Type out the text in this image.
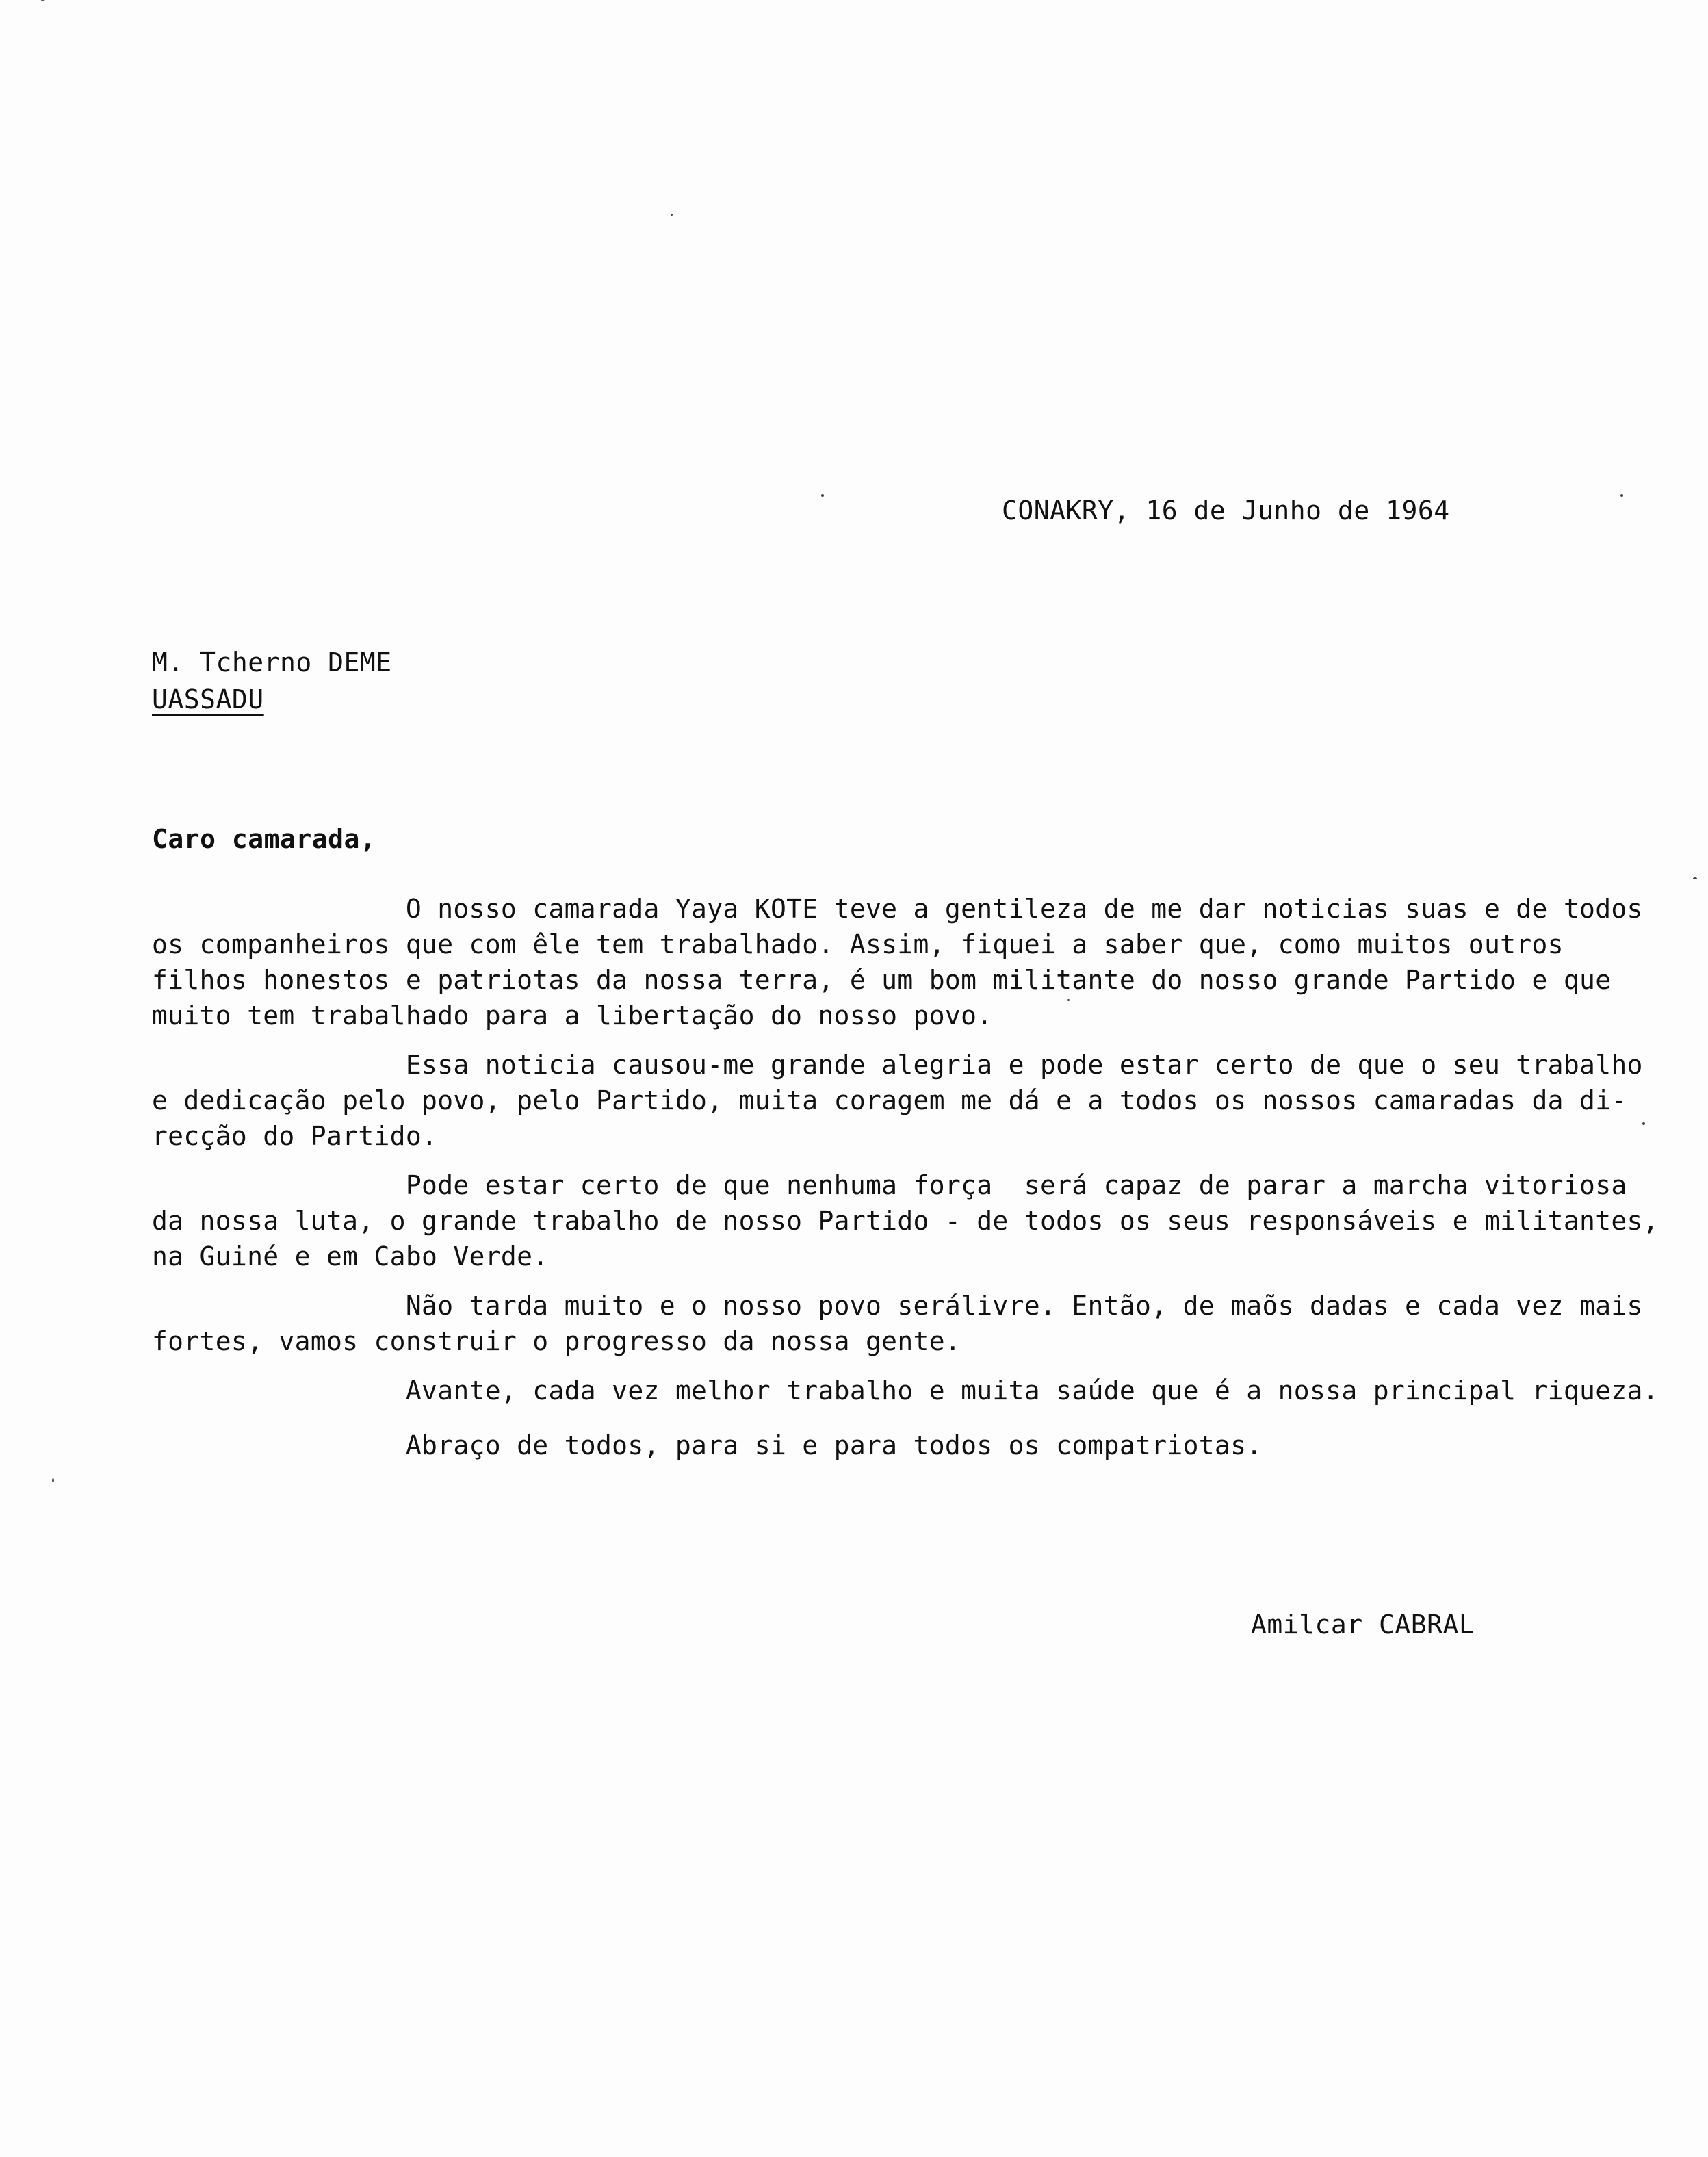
CONAKRY, 16 de Junho de 1964
M. Tcherno DEME
UASSADU
Caro camarada,
O nosso camarada Yaya KOTE teve a gentileza de me dar noticias suas e de todos
os companheiros que com êle tem trabalhado. Assim, fiquei a saber que, como muitos outros
filhos honestos e patriotas da nossa terra, é um bom militante do nosso grande Partido e que
muito tem trabalhado para a libertação do nosso povo.
Essa noticia causou-me grande alegria e pode estar certo de que o seu trabalho
e dedicação pelo povo, pelo Partido, muita coragem me dá e a todos os nossos camaradas da di-
recção do Partido.
Pode estar certo de que nenhuma força  será capaz de parar a marcha vitoriosa
da nossa luta, o grande trabalho de nosso Partido - de todos os seus responsáveis e militantes,
na Guiné e em Cabo Verde.
Não tarda muito e o nosso povo serálivre. Então, de maõs dadas e cada vez mais
fortes, vamos construir o progresso da nossa gente.
Avante, cada vez melhor trabalho e muita saúde que é a nossa principal riqueza.
Abraço de todos, para si e para todos os compatriotas.
Amilcar CABRAL
